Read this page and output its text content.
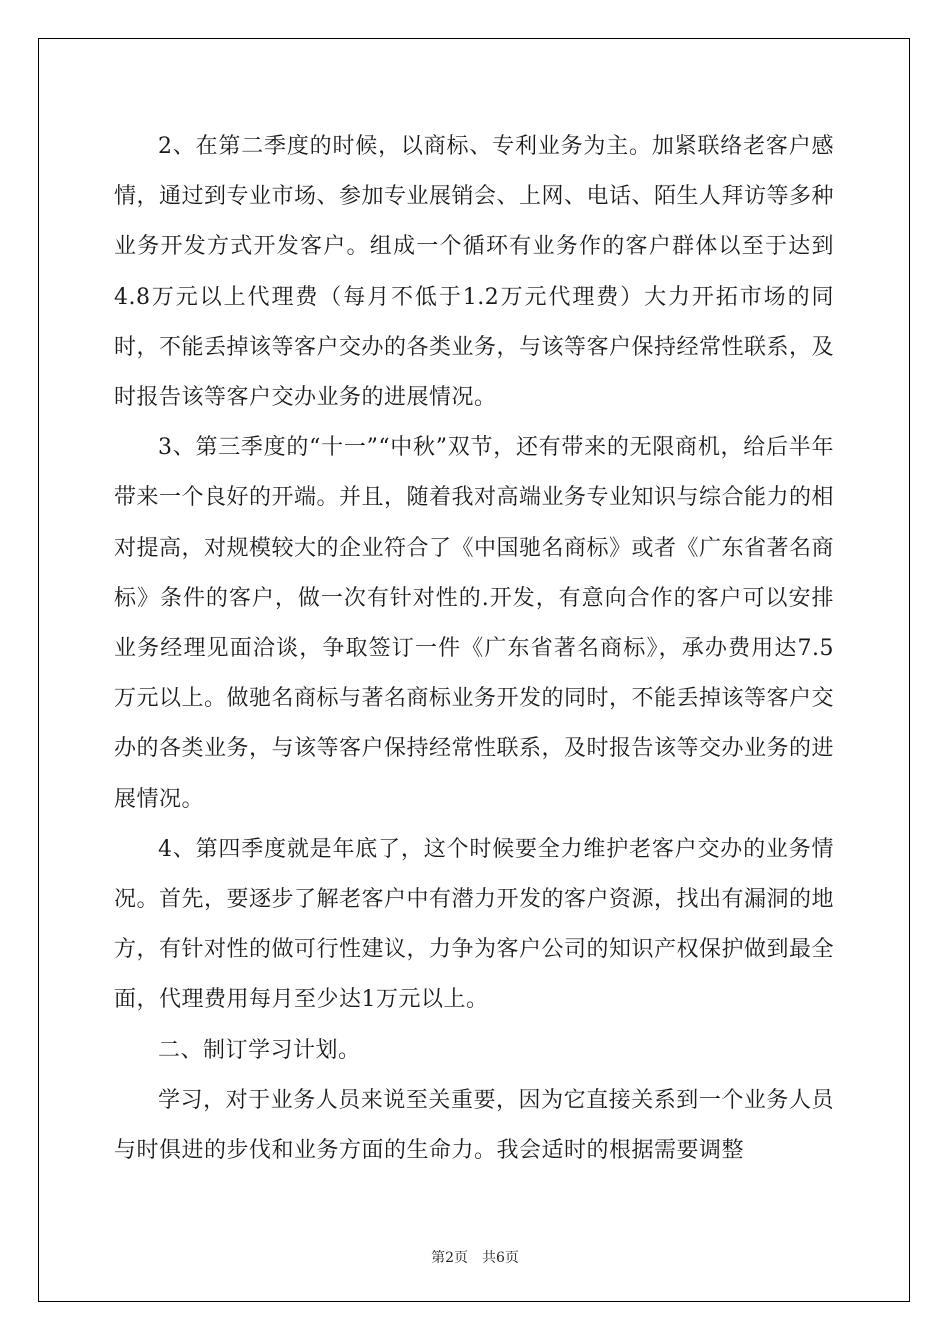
2、在第二季度的时候，以商标、专利业务为主。加紧联络老客户感情，通过到专业市场、参加专业展销会、上网、电话、陌生人拜访等多种业务开发方式开发客户。组成一个循环有业务作的客户群体以至于达到4.8万元以上代理费（每月不低于1.2万元代理费）大力开拓市场的同时，不能丢掉该等客户交办的各类业务，与该等客户保持经常性联系，及时报告该等客户交办业务的进展情况。

3、第三季度的“十一”“中秋”双节，还有带来的无限商机，给后半年带来一个良好的开端。并且，随着我对高端业务专业知识与综合能力的相对提高，对规模较大的企业符合了《中国驰名商标》或者《广东省著名商标》条件的客户，做一次有针对性的.开发，有意向合作的客户可以安排业务经理见面洽谈，争取签订一件《广东省著名商标》，承办费用达7.5万元以上。做驰名商标与著名商标业务开发的同时，不能丢掉该等客户交办的各类业务，与该等客户保持经常性联系，及时报告该等交办业务的进展情况。

4、第四季度就是年底了，这个时候要全力维护老客户交办的业务情况。首先，要逐步了解老客户中有潜力开发的客户资源，找出有漏洞的地方，有针对性的做可行性建议，力争为客户公司的知识产权保护做到最全面，代理费用每月至少达1万元以上。

二、制订学习计划。

学习，对于业务人员来说至关重要，因为它直接关系到一个业务人员与时俱进的步伐和业务方面的生命力。我会适时的根据需要调整

第2页 共6页
